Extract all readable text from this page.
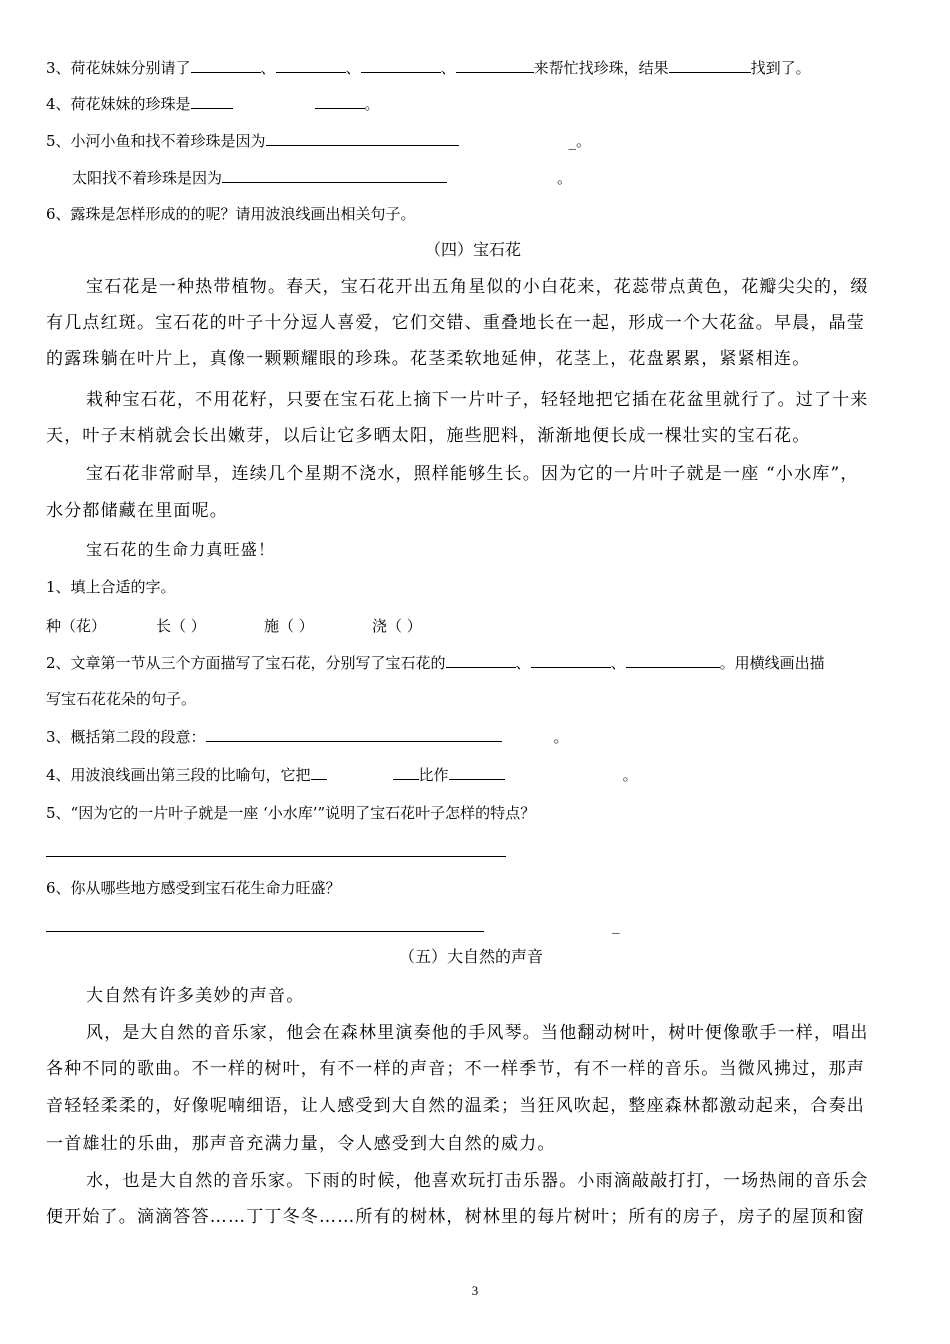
3、荷花妹妹分别请了	、	、	、	来帮忙找珍珠，结果	找到了。
4、荷花妹妹的珍珠是	。
5、小河小鱼和找不着珍珠是因为	_。
太阳找不着珍珠是因为	。
6、露珠是怎样形成的的呢？请用波浪线画出相关句子。
（四）宝石花
宝石花是一种热带植物。春天，宝石花开出五角星似的小白花来，花蕊带点黄色，花瓣尖尖的，缀
有几点红斑。宝石花的叶子十分逗人喜爱，它们交错、重叠地长在一起，形成一个大花盆。早晨，晶莹
的露珠躺在叶片上，真像一颗颗耀眼的珍珠。花茎柔软地延伸，花茎上，花盘累累，紧紧相连。
栽种宝石花，不用花籽，只要在宝石花上摘下一片叶子，轻轻地把它插在花盆里就行了。过了十来
天，叶子末梢就会长出嫩芽，以后让它多晒太阳，施些肥料，渐渐地便长成一棵壮实的宝石花。
宝石花非常耐旱，连续几个星期不浇水，照样能够生长。因为它的一片叶子就是一座 “小水库”，
水分都储藏在里面呢。
宝石花的生命力真旺盛！
1、填上合适的字。
种（花）	长（ ）	施（ ）	浇（ ）
2、文章第一节从三个方面描写了宝石花，分别写了宝石花的	、	、	。用横线画出描
写宝石花花朵的句子。
3、概括第二段的段意：	。
4、用波浪线画出第三段的比喻句，它把	比作	。
5、“因为它的一片叶子就是一座 ‘小水库’”说明了宝石花叶子怎样的特点？
6、你从哪些地方感受到宝石花生命力旺盛？
_
（五）大自然的声音
大自然有许多美妙的声音。
风，是大自然的音乐家，他会在森林里演奏他的手风琴。当他翻动树叶，树叶便像歌手一样，唱出
各种不同的歌曲。不一样的树叶，有不一样的声音；不一样季节，有不一样的音乐。当微风拂过，那声
音轻轻柔柔的，好像呢喃细语，让人感受到大自然的温柔；当狂风吹起，整座森林都激动起来，合奏出
一首雄壮的乐曲，那声音充满力量，令人感受到大自然的威力。
水，也是大自然的音乐家。下雨的时候，他喜欢玩打击乐器。小雨滴敲敲打打，一场热闹的音乐会
便开始了。滴滴答答……丁丁冬冬……所有的树林，树林里的每片树叶；所有的房子，房子的屋顶和窗
3
